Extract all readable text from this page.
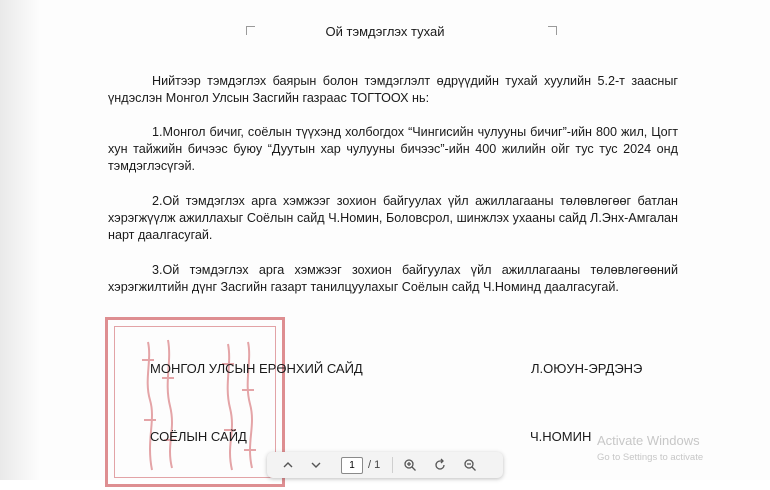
Ой тэмдэглэх тухай
Нийтээр тэмдэглэх баярын болон тэмдэглэлт өдрүүдийн тухай хуулийн 5.2-т заасныг үндэслэн Монгол Улсын Засгийн газраас ТОГТООХ нь:
1.Монгол бичиг, соёлын түүхэнд холбогдох “Чингисийн чулууны бичиг”-ийн 800 жил, Цогт хун тайжийн бичээс буюу “Дуутын хар чулууны бичээс”-ийн 400 жилийн ойг тус тус 2024 онд тэмдэглэсүгэй.
2.Ой тэмдэглэх арга хэмжээг зохион байгуулах үйл ажиллагааны төлөвлөгөөг батлан хэрэгжүүлж ажиллахыг Соёлын сайд Ч.Номин, Боловсрол, шинжлэх ухааны сайд Л.Энх-Амгалан нарт даалгасугай.
3.Ой тэмдэглэх арга хэмжээг зохион байгуулах үйл ажиллагааны төлөвлөгөөний хэрэгжилтийн дүнг Засгийн газарт танилцуулахыг Соёлын сайд Ч.Номинд даалгасугай.
МОНГОЛ УЛСЫН ЕРӨНХИЙ САЙД	Л.ОЮУН-ЭРДЭНЭ
СОЁЛЫН САЙД	Ч.НОМИН Activate Windows
Go to Settings to activate
1
/ 1
